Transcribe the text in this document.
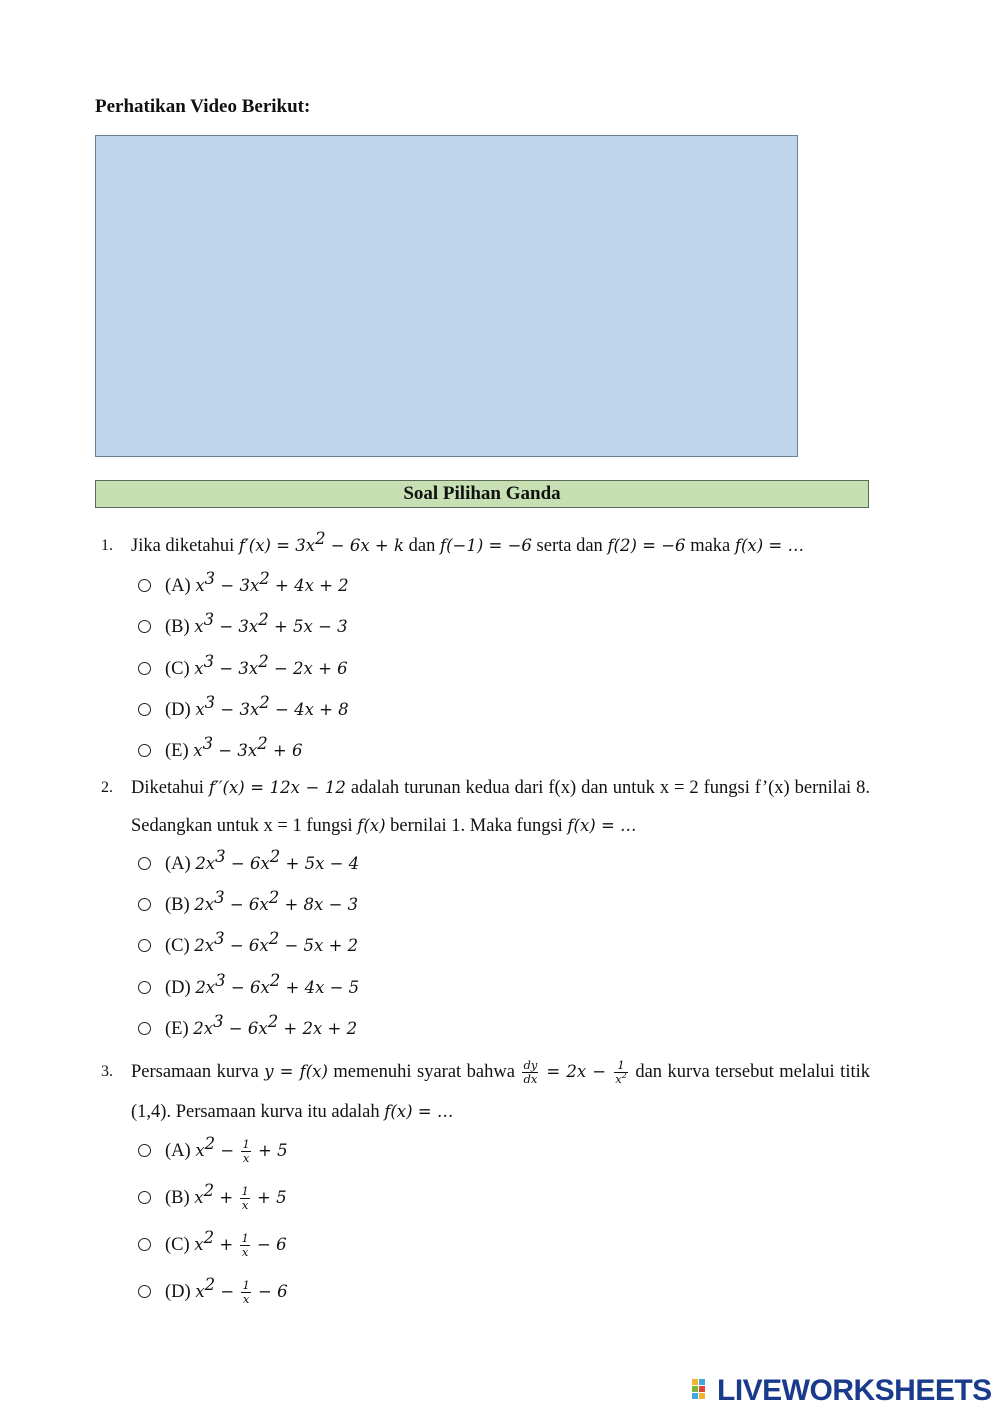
Perhatikan Video Berikut:
Soal Pilihan Ganda
1. Jika diketahui $f'(x) = 3x^2 - 6x + k$ dan f(−1) = −6 serta dan f(2) = −6 maka f(x) = …
(A) $x^3 - 3x^2 + 4x + 2$
(B) $x^3 - 3x^2 + 5x - 3$
(C) $x^3 - 3x^2 - 2x + 6$
(D) $x^3 - 3x^2 - 4x + 8$
(E) $x^3 - 3x^2 + 6$
2. Diketahui f′′(x) = 12x − 12 adalah turunan kedua dari f(x) dan untuk x = 2 fungsi f’(x) bernilai 8. Sedangkan untuk x = 1 fungsi f(x) bernilai 1. Maka fungsi f(x) = …
(A) $2x^3 - 6x^2 + 5x - 4$
(B) $2x^3 - 6x^2 + 8x - 3$
(C) $2x^3 - 6x^2 - 5x + 2$
(D) $2x^3 - 6x^2 + 4x - 5$
(E) $2x^3 - 6x^2 + 2x + 2$
3. Persamaan kurva y = f(x) memenuhi syarat bahwa $\frac{dy}{dx} = 2x - \frac{1}{x^2}$ dan kurva tersebut melalui titik (1,4). Persamaan kurva itu adalah f(x) = …
(A) $x^2 - \frac{1}{x} + 5$
(B) $x^2 + \frac{1}{x} + 5$
(C) $x^2 + \frac{1}{x} - 6$
(D) $x^2 - \frac{1}{x} - 6$
LIVEWORKSHEETS
